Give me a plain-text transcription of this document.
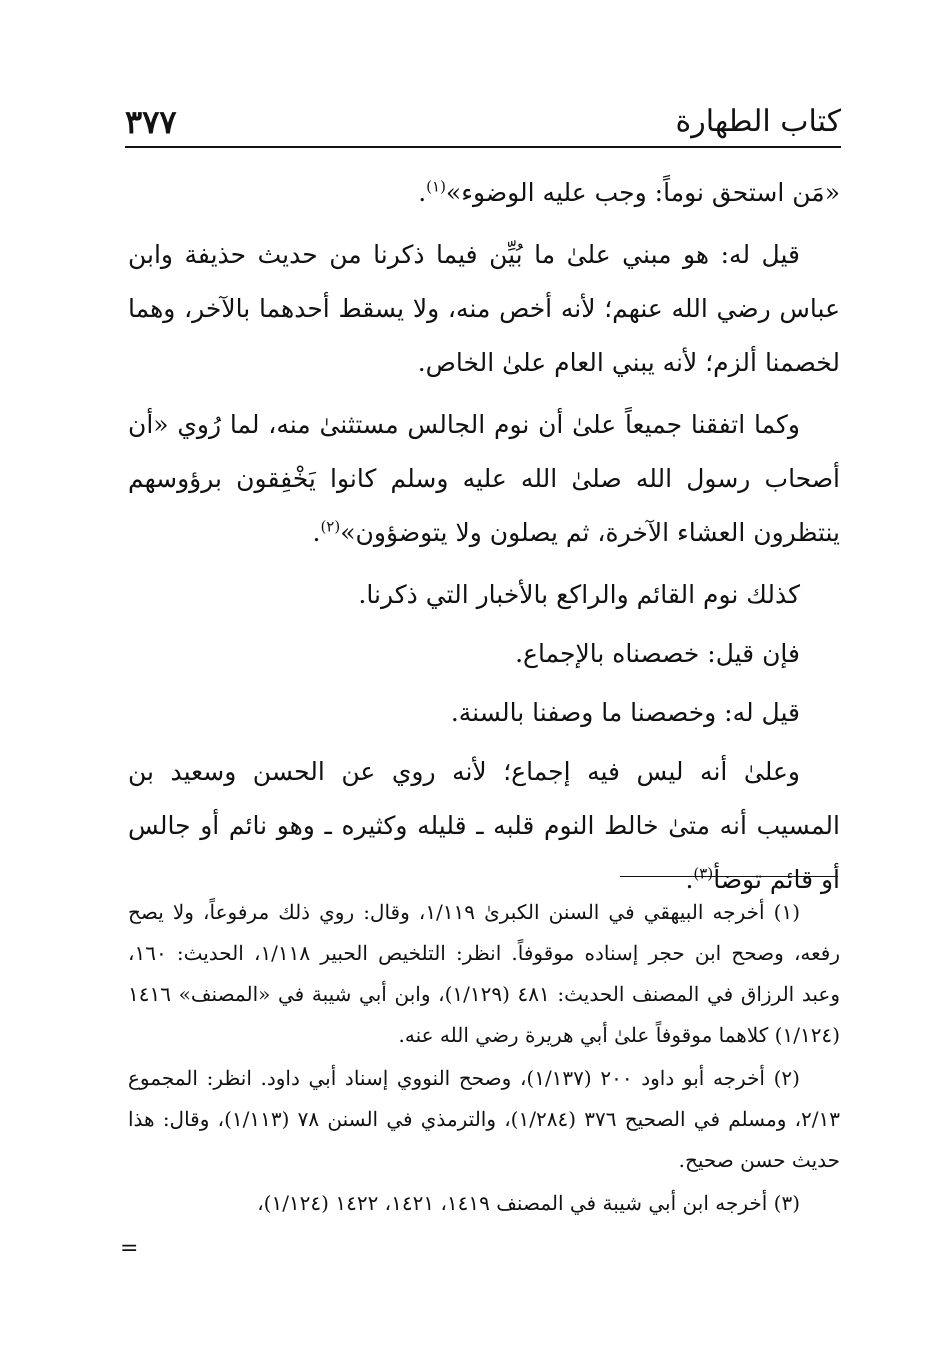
كتاب الطهارة
٣٧٧

«مَن استحق نوماً: وجب عليه الوضوء»$^{(١)}$.

قيل له: هو مبني علىٰ ما بُيِّن فيما ذكرنا من حديث حذيفة وابن عباس رضي الله عنهم؛ لأنه أخص منه، ولا يسقط أحدهما بالآخر، وهما لخصمنا ألزم؛ لأنه يبني العام علىٰ الخاص.

وكما اتفقنا جميعاً علىٰ أن نوم الجالس مستثنىٰ منه، لما رُوي «أن أصحاب رسول الله صلىٰ الله عليه وسلم كانوا يَخْفِقون برؤوسهم ينتظرون العشاء الآخرة، ثم يصلون ولا يتوضؤون»$^{(٢)}$.

كذلك نوم القائم والراكع بالأخبار التي ذكرنا.

فإن قيل: خصصناه بالإجماع.

قيل له: وخصصنا ما وصفنا بالسنة.

وعلىٰ أنه ليس فيه إجماع؛ لأنه روي عن الحسن وسعيد بن المسيب أنه متىٰ خالط النوم قلبه ـ قليله وكثيره ـ وهو نائم أو جالس أو قائم توضأ$^{(٣)}$.

(١) أخرجه البيهقي في السنن الكبرىٰ ١/١١٩، وقال: روي ذلك مرفوعاً، ولا يصح رفعه، وصحح ابن حجر إسناده موقوفاً. انظر: التلخيص الحبير ١/١١٨، الحديث: ١٦٠، وعبد الرزاق في المصنف الحديث: ٤٨١ (١/١٢٩)، وابن أبي شيبة في «المصنف» ١٤١٦ (١/١٢٤) كلاهما موقوفاً علىٰ أبي هريرة رضي الله عنه.

(٢) أخرجه أبو داود ٢٠٠ (١/١٣٧)، وصحح النووي إسناد أبي داود. انظر: المجموع ٢/١٣، ومسلم في الصحيح ٣٧٦ (١/٢٨٤)، والترمذي في السنن ٧٨ (١/١١٣)، وقال: هذا حديث حسن صحيح.

(٣) أخرجه ابن أبي شيبة في المصنف ١٤١٩، ١٤٢١، ١٤٢٢ (١/١٢٤)،

=
